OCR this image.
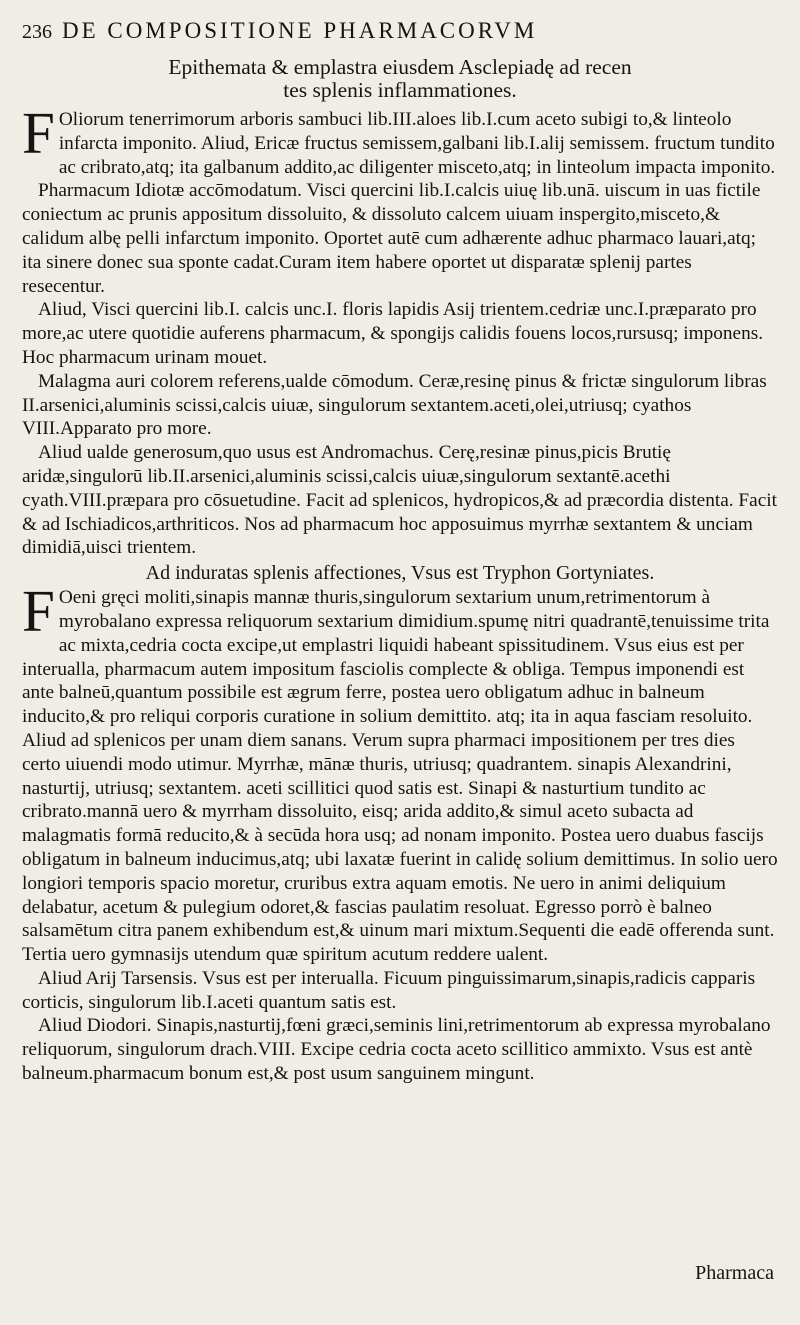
236 DE COMPOSITIONE PHARMACORVM

Epithemata & emplastra eiusdem Asclepiadę ad recen

tes splenis inflammationes.

F Oliorum tenerrimorum arboris sambuci lib.III.aloes lib.I.cum aceto subigi to,& linteolo infarcta imponito. Aliud, Ericæ fructus semissem,galbani lib.I.alij semissem. fructum tundito ac cribrato,atq; ita galbanum addito,ac diligenter misceto,atq; in linteolum impacta imponito.

Pharmacum Idiotæ accōmodatum. Visci quercini lib.I.calcis uiuę lib.unā. uiscum in uas fictile coniectum ac prunis appositum dissoluito, & dissoluto calcem uiuam inspergito,misceto,& calidum albę pelli infarctum imponito. Oportet autē cum adhærente adhuc pharmaco lauari,atq; ita sinere donec sua sponte cadat.Curam item habere oportet ut disparatæ splenij partes resecentur.

Aliud, Visci quercini lib.I. calcis unc.I. floris lapidis Asij trientem.cedriæ unc.I.præparato pro more,ac utere quotidie auferens pharmacum, & spongijs calidis fouens locos,rursusq; imponens. Hoc pharmacum urinam mouet.

Malagma auri colorem referens,ualde cōmodum. Ceræ,resinę pinus & frictæ singulorum libras II.arsenici,aluminis scissi,calcis uiuæ, singulorum sextantem.aceti,olei,utriusq; cyathos VIII.Apparato pro more.

Aliud ualde generosum,quo usus est Andromachus. Cerę,resinæ pinus,picis Brutię aridæ,singulorū lib.II.arsenici,aluminis scissi,calcis uiuæ,singulorum sextantē.acethi cyath.VIII.præpara pro cōsuetudine. Facit ad splenicos, hydropicos,& ad præcordia distenta. Facit & ad Ischiadicos,arthriticos. Nos ad pharmacum hoc apposuimus myrrhæ sextantem & unciam dimidiā,uisci trientem.

Ad induratas splenis affectiones, Vsus est Tryphon Gortyniates.

F Oeni gręci moliti,sinapis mannæ thuris,singulorum sextarium unum,retrimentorum à myrobalano expressa reliquorum sextarium dimidium.spumę nitri quadrantē,tenuissime trita ac mixta,cedria cocta excipe,ut emplastri liquidi habeant spissitudinem. Vsus eius est per interualla, pharmacum autem impositum fasciolis complecte & obliga. Tempus imponendi est ante balneū,quantum possibile est ægrum ferre, postea uero obligatum adhuc in balneum inducito,& pro reliqui corporis curatione in solium demittito. atq; ita in aqua fasciam resoluito. Aliud ad splenicos per unam diem sanans. Verum supra pharmaci impositionem per tres dies certo uiuendi modo utimur. Myrrhæ, mānæ thuris, utriusq; quadrantem. sinapis Alexandrini, nasturtij, utriusq; sextantem. aceti scillitici quod satis est. Sinapi & nasturtium tundito ac cribrato.mannā uero & myrrham dissoluito, eisq; arida addito,& simul aceto subacta ad malagmatis formā reducito,& à secūda hora usq; ad nonam imponito. Postea uero duabus fascijs obligatum in balneum inducimus,atq; ubi laxatæ fuerint in calidę solium demittimus. In solio uero longiori temporis spacio moretur, cruribus extra aquam emotis. Ne uero in animi deliquium delabatur, acetum & pulegium odoret,& fascias paulatim resoluat. Egresso porrò è balneo salsamētum citra panem exhibendum est,& uinum mari mixtum.Sequenti die eadē offerenda sunt. Tertia uero gymnasijs utendum quæ spiritum acutum reddere ualent.

Aliud Arij Tarsensis. Vsus est per interualla. Ficuum pinguissimarum,sinapis,radicis capparis corticis, singulorum lib.I.aceti quantum satis est.

Aliud Diodori. Sinapis,nasturtij,fœni græci,seminis lini,retrimentorum ab expressa myrobalano reliquorum, singulorum drach.VIII. Excipe cedria cocta aceto scillitico ammixto. Vsus est antè balneum.pharmacum bonum est,& post usum sanguinem mingunt.

Pharmaca
